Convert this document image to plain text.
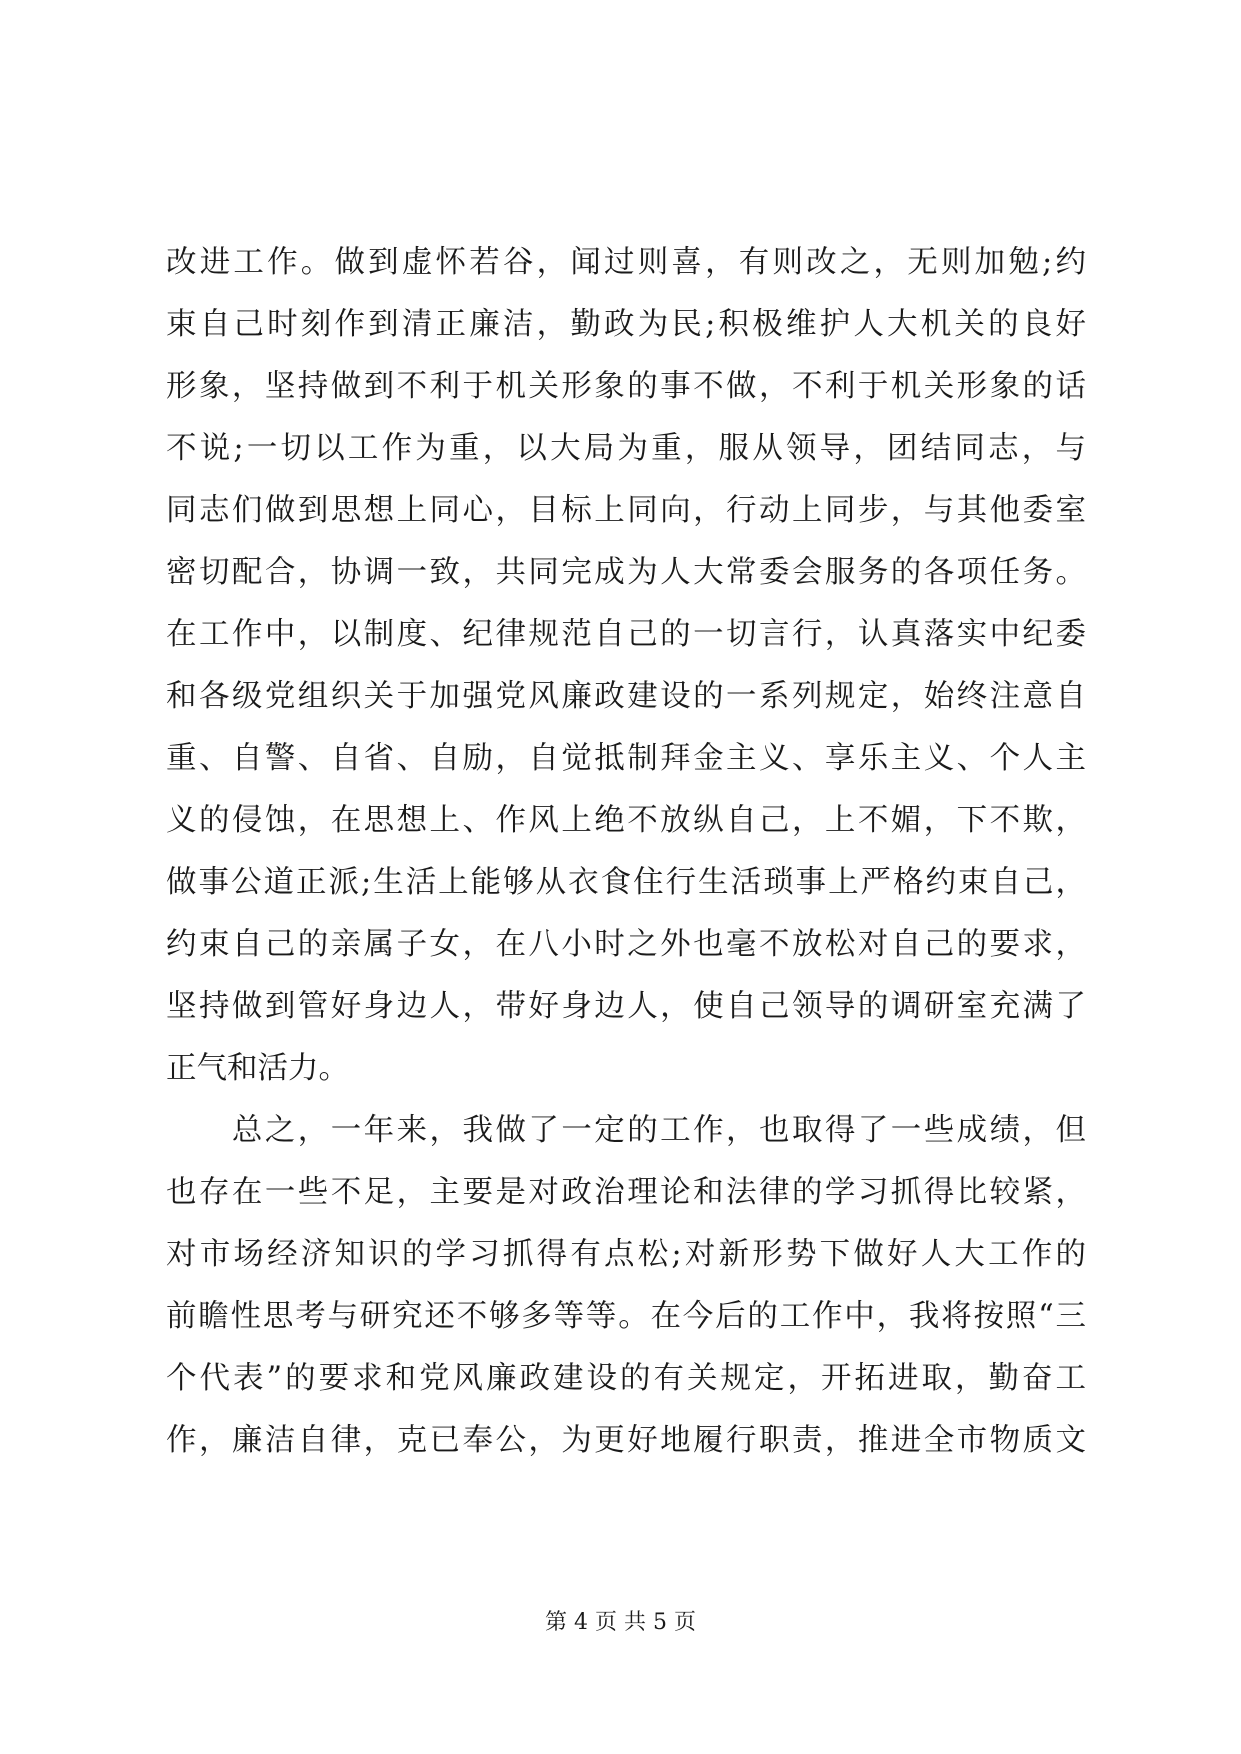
改进工作。做到虚怀若谷，闻过则喜，有则改之，无则加勉;约
束自己时刻作到清正廉洁，勤政为民;积极维护人大机关的良好
形象，坚持做到不利于机关形象的事不做，不利于机关形象的话
不说;一切以工作为重，以大局为重，服从领导，团结同志，与
同志们做到思想上同心，目标上同向，行动上同步，与其他委室
密切配合，协调一致，共同完成为人大常委会服务的各项任务。
在工作中，以制度、纪律规范自己的一切言行，认真落实中纪委
和各级党组织关于加强党风廉政建设的一系列规定，始终注意自
重、自警、自省、自励，自觉抵制拜金主义、享乐主义、个人主
义的侵蚀，在思想上、作风上绝不放纵自己，上不媚，下不欺，
做事公道正派;生活上能够从衣食住行生活琐事上严格约束自己，
约束自己的亲属子女，在八小时之外也毫不放松对自己的要求，
坚持做到管好身边人，带好身边人，使自己领导的调研室充满了
正气和活力。
　　总之，一年来，我做了一定的工作，也取得了一些成绩，但
也存在一些不足，主要是对政治理论和法律的学习抓得比较紧，
对市场经济知识的学习抓得有点松;对新形势下做好人大工作的
前瞻性思考与研究还不够多等等。在今后的工作中，我将按照“三
个代表”的要求和党风廉政建设的有关规定，开拓进取，勤奋工
作，廉洁自律，克已奉公，为更好地履行职责，推进全市物质文
第 4 页 共 5 页
